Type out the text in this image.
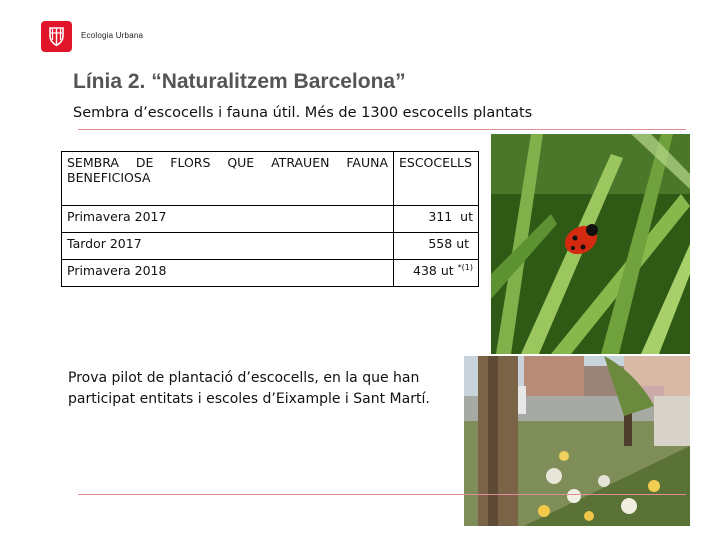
Ecologia Urbana
Línia 2. “Naturalitzem Barcelona”
Sembra d’escocells i fauna útil. Més de 1300 escocells plantats
SEMBRA DE FLORS QUE ATRAUEN FAUNA BENEFICIOSA	ESCOCELLS
Primavera 2017	311  ut
Tardor 2017	558 ut
Primavera 2018	438 ut $^{*(1)}$
Prova pilot de plantació d’escocells, en la que han participat entitats i escoles d’Eixample i Sant Martí.
